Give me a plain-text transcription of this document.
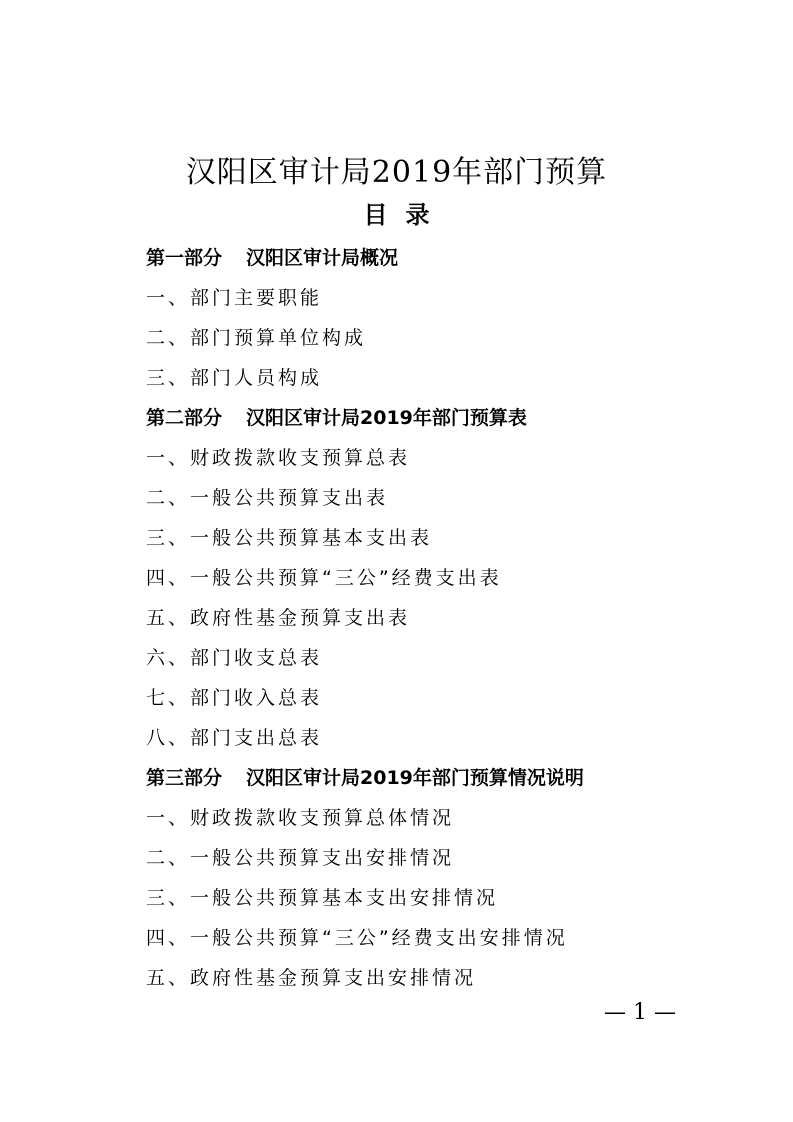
汉阳区审计局2019年部门预算
目录
第一部分 汉阳区审计局概况
一、部门主要职能
二、部门预算单位构成
三、部门人员构成
第二部分 汉阳区审计局2019年部门预算表
一、财政拨款收支预算总表
二、一般公共预算支出表
三、一般公共预算基本支出表
四、一般公共预算“三公”经费支出表
五、政府性基金预算支出表
六、部门收支总表
七、部门收入总表
八、部门支出总表
第三部分 汉阳区审计局2019年部门预算情况说明
一、财政拨款收支预算总体情况
二、一般公共预算支出安排情况
三、一般公共预算基本支出安排情况
四、一般公共预算“三公”经费支出安排情况
五、政府性基金预算支出安排情况
— 1 —
